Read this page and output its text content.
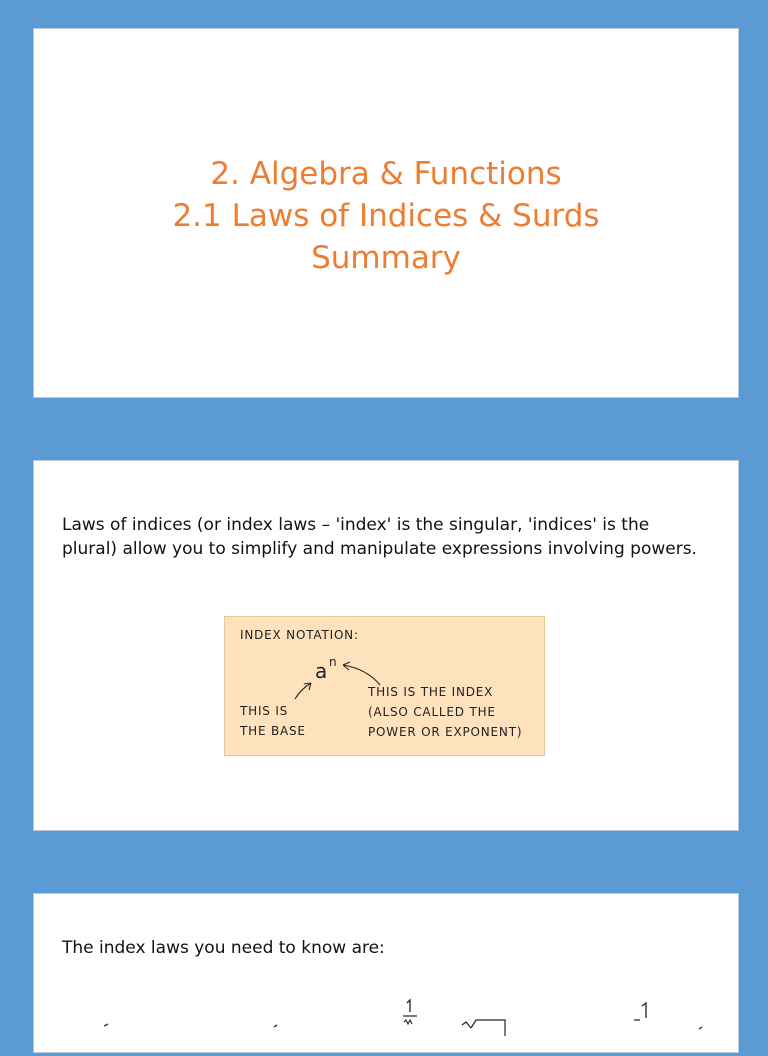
2. Algebra & Functions
2.1 Laws of Indices & Surds
Summary

Laws of indices (or index laws – 'index' is the singular, 'indices' is the plural) allow you to simplify and manipulate expressions involving powers.

INDEX NOTATION:
a n
THIS IS
THE BASE
THIS IS THE INDEX
(ALSO CALLED THE
POWER OR EXPONENT)

The index laws you need to know are:
